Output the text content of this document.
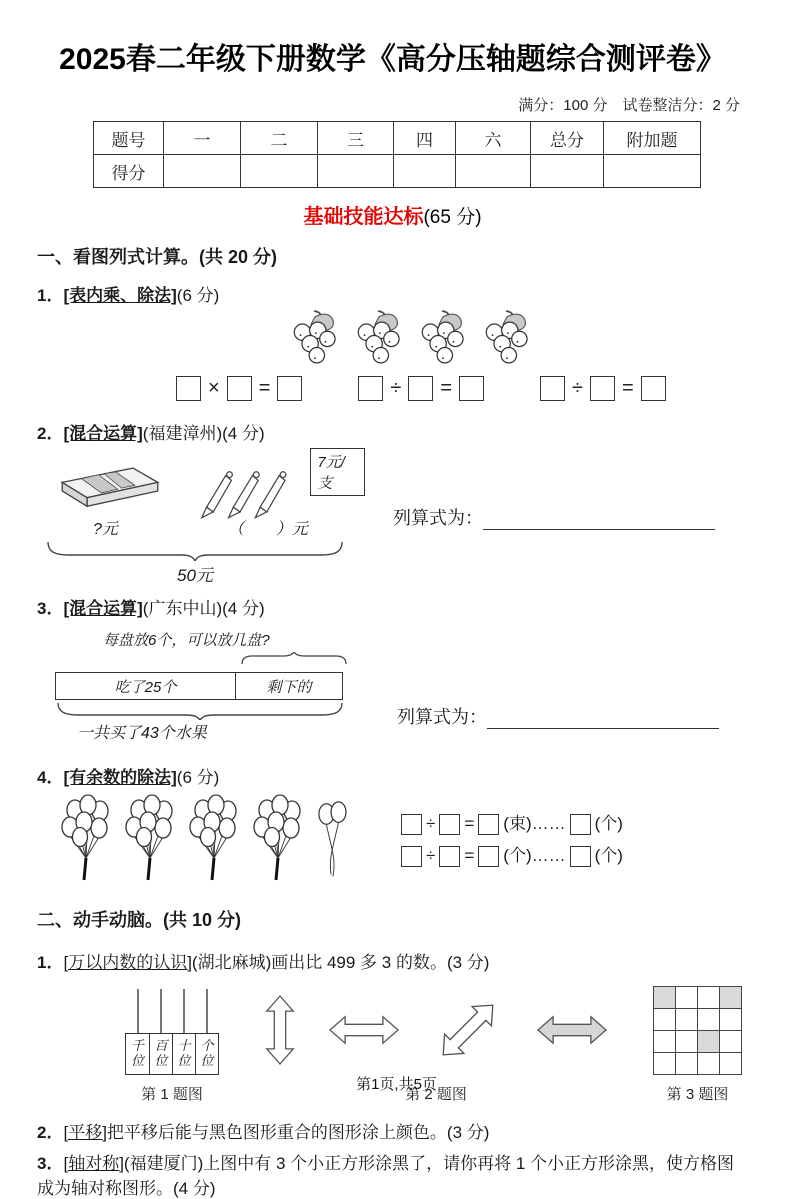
2025春二年级下册数学《高分压轴题综合测评卷》
满分：100 分　试卷整洁分：2 分
题号	一	二	三	四	六	总分	附加题
得分							
基础技能达标(65 分)
一、看图列式计算。(共 20 分)
1．[表内乘、除法](6 分)
× =	÷ =	÷ =
2．[混合运算](福建漳州)(4 分)
7元/支
?元	（　　）元
50元
列算式为：
3．[混合运算](广东中山)(4 分)
每盘放6个，可以放几盘?
吃了25个	剩下的
一共买了43个水果
列算式为：
4．[有余数的除法](6 分)
÷ = (束)…… (个)
÷ = (个)…… (个)
二、动手动脑。(共 10 分)
1．[万以内数的认识](湖北麻城)画出比 499 多 3 的数。(3 分)
千位
百位
十位
个位
第 1 题图	第 2 题图	第 3 题图
2．[平移]把平移后能与黑色图形重合的图形涂上颜色。(3 分)
3．[轴对称](福建厦门)上图中有 3 个小正方形涂黑了，请你再将 1 个小正方形涂黑，使方格图成为轴对称图形。(4 分)
第1页,共5页
